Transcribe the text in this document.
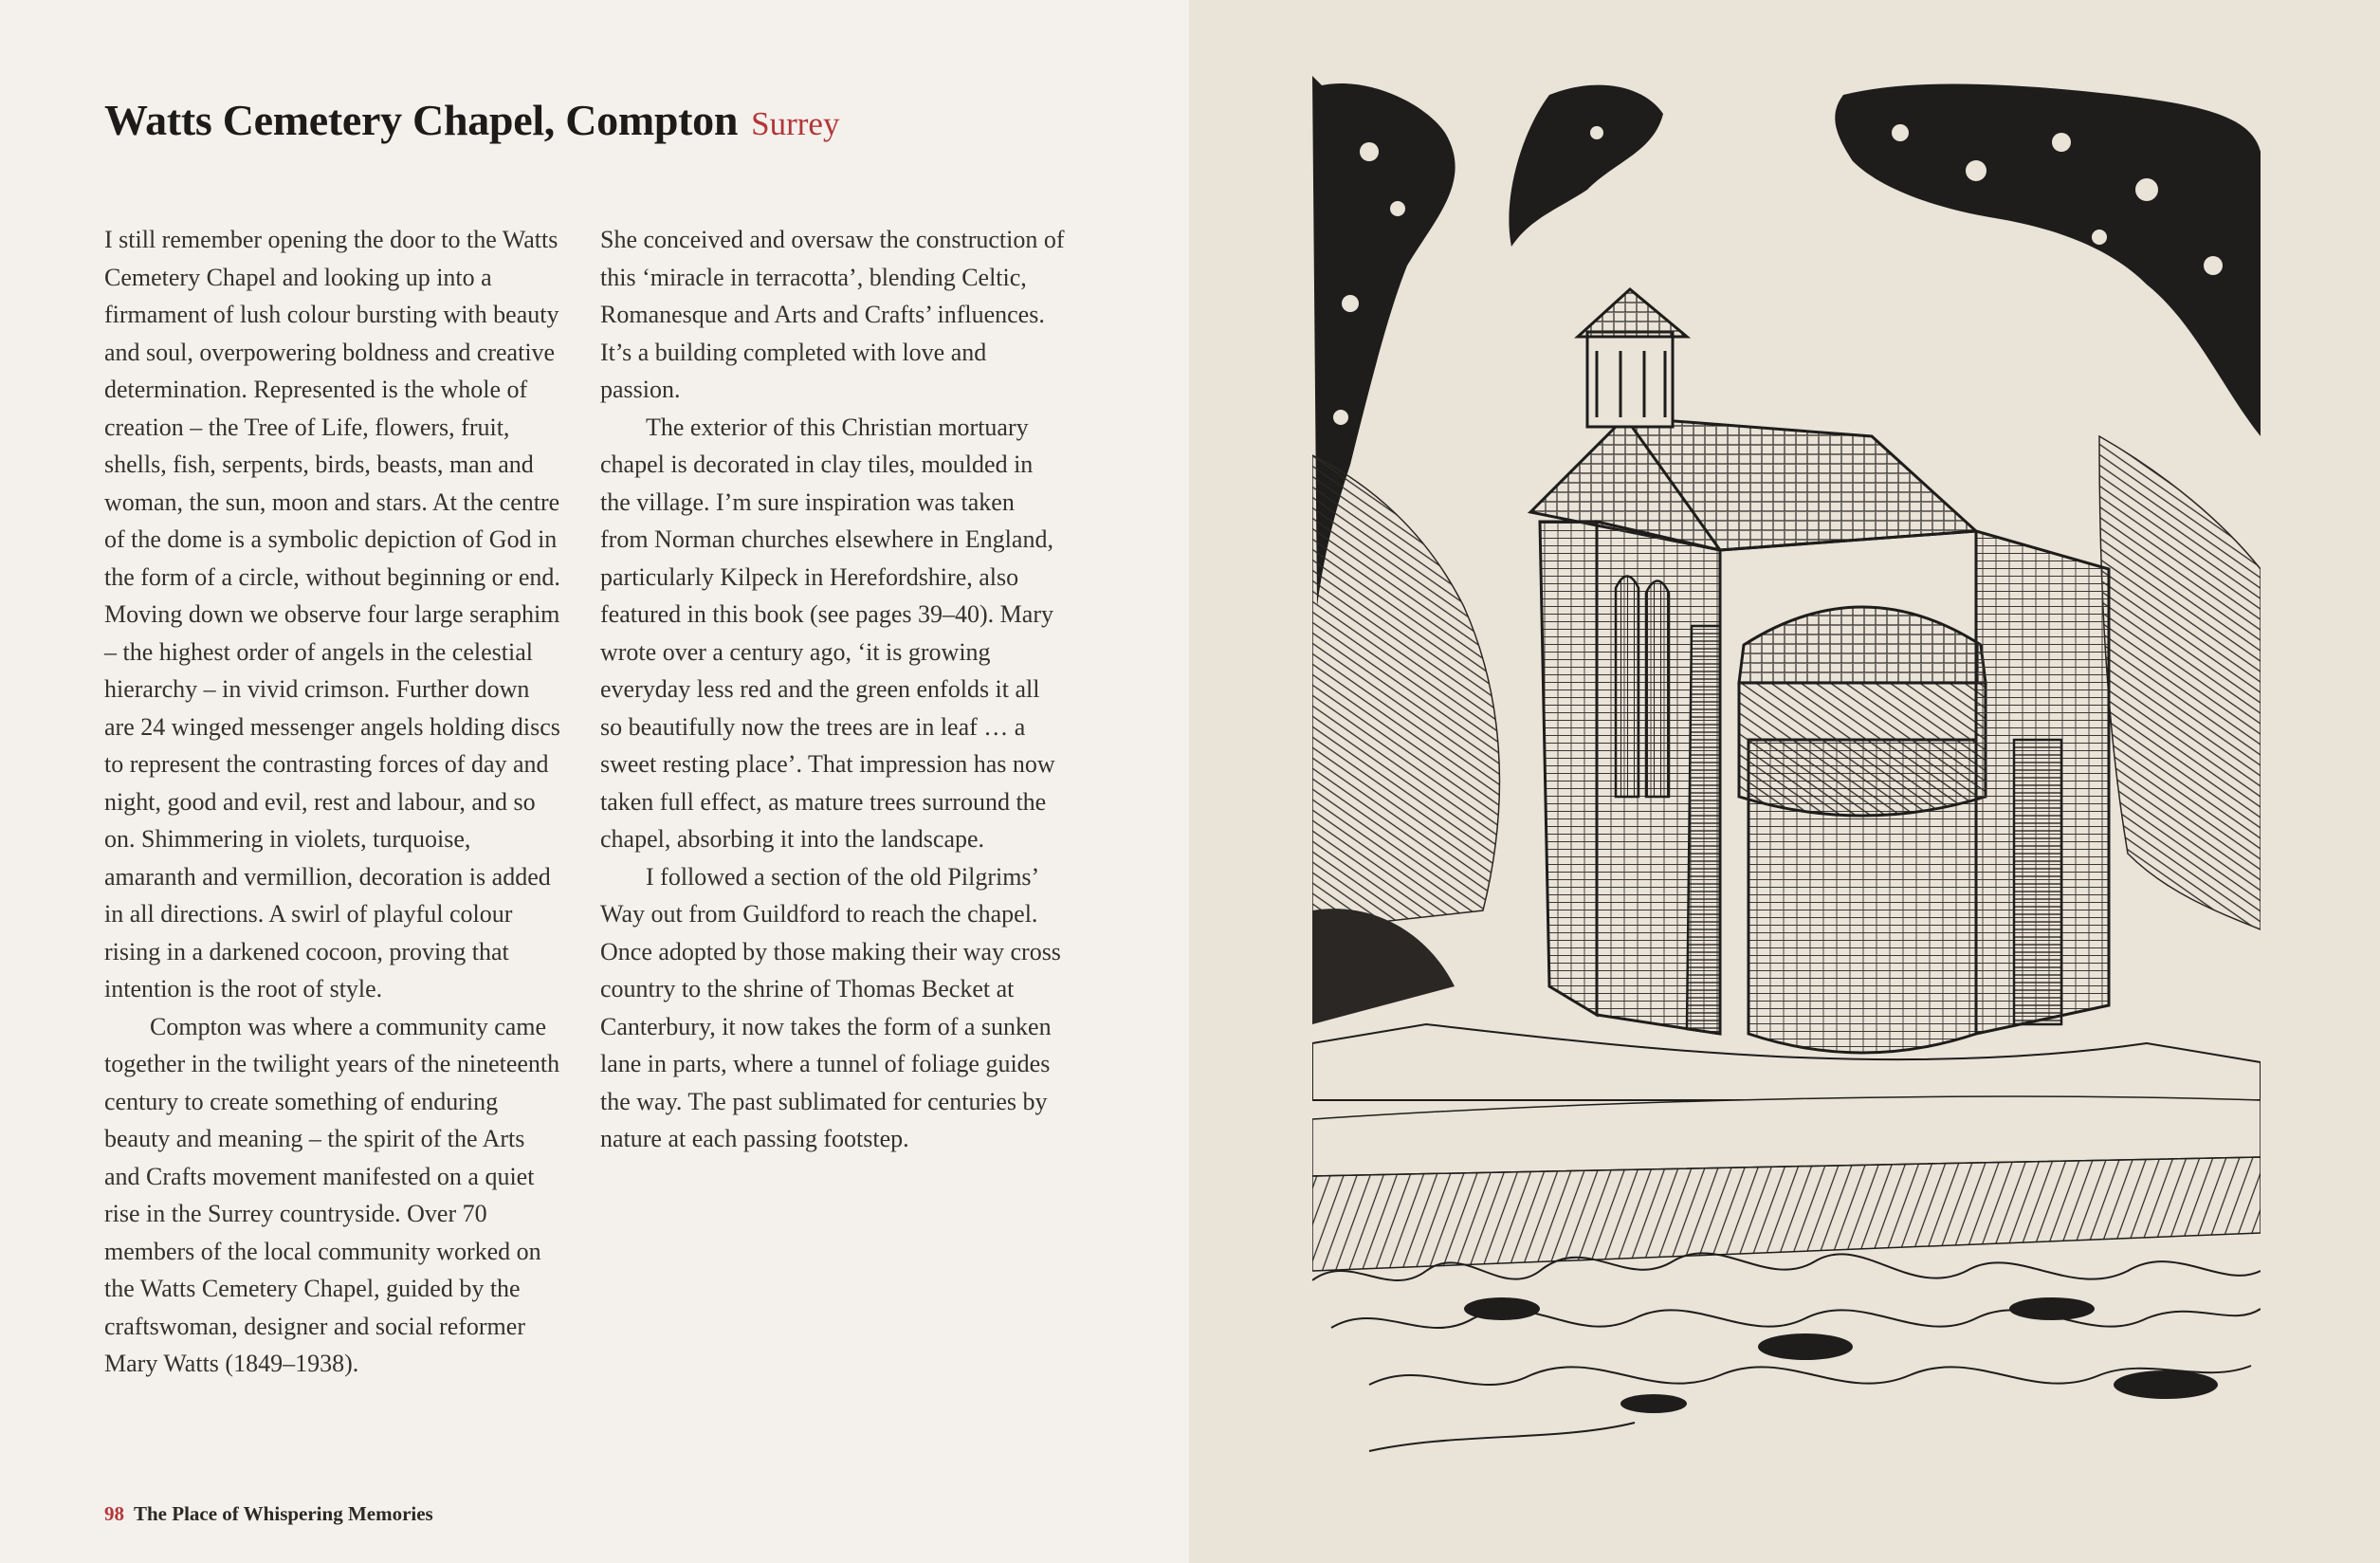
Watts Cemetery Chapel, Compton Surrey

I still remember opening the door to the Watts Cemetery Chapel and looking up into a firmament of lush colour bursting with beauty and soul, overpowering boldness and creative determination. Represented is the whole of creation – the Tree of Life, flowers, fruit, shells, fish, serpents, birds, beasts, man and woman, the sun, moon and stars. At the centre of the dome is a symbolic depiction of God in the form of a circle, without beginning or end. Moving down we observe four large seraphim – the highest order of angels in the celestial hierarchy – in vivid crimson. Further down are 24 winged messenger angels holding discs to represent the contrasting forces of day and night, good and evil, rest and labour, and so on. Shimmering in violets, turquoise, amaranth and vermillion, decoration is added in all directions. A swirl of playful colour rising in a darkened cocoon, proving that intention is the root of style.

Compton was where a community came together in the twilight years of the nineteenth century to create something of enduring beauty and meaning – the spirit of the Arts and Crafts movement manifested on a quiet rise in the Surrey countryside. Over 70 members of the local community worked on the Watts Cemetery Chapel, guided by the craftswoman, designer and social reformer Mary Watts (1849–1938).

She conceived and oversaw the construction of this ‘miracle in terracotta’, blending Celtic, Romanesque and Arts and Crafts’ influences. It’s a building completed with love and passion.

The exterior of this Christian mortuary chapel is decorated in clay tiles, moulded in the village. I’m sure inspiration was taken from Norman churches elsewhere in England, particularly Kilpeck in Herefordshire, also featured in this book (see pages 39–40). Mary wrote over a century ago, ‘it is growing everyday less red and the green enfolds it all so beautifully now the trees are in leaf … a sweet resting place’. That impression has now taken full effect, as mature trees surround the chapel, absorbing it into the landscape.

I followed a section of the old Pilgrims’ Way out from Guildford to reach the chapel. Once adopted by those making their way cross country to the shrine of Thomas Becket at Canterbury, it now takes the form of a sunken lane in parts, where a tunnel of foliage guides the way. The past sublimated for centuries by nature at each passing footstep.

98 The Place of Whispering Memories
